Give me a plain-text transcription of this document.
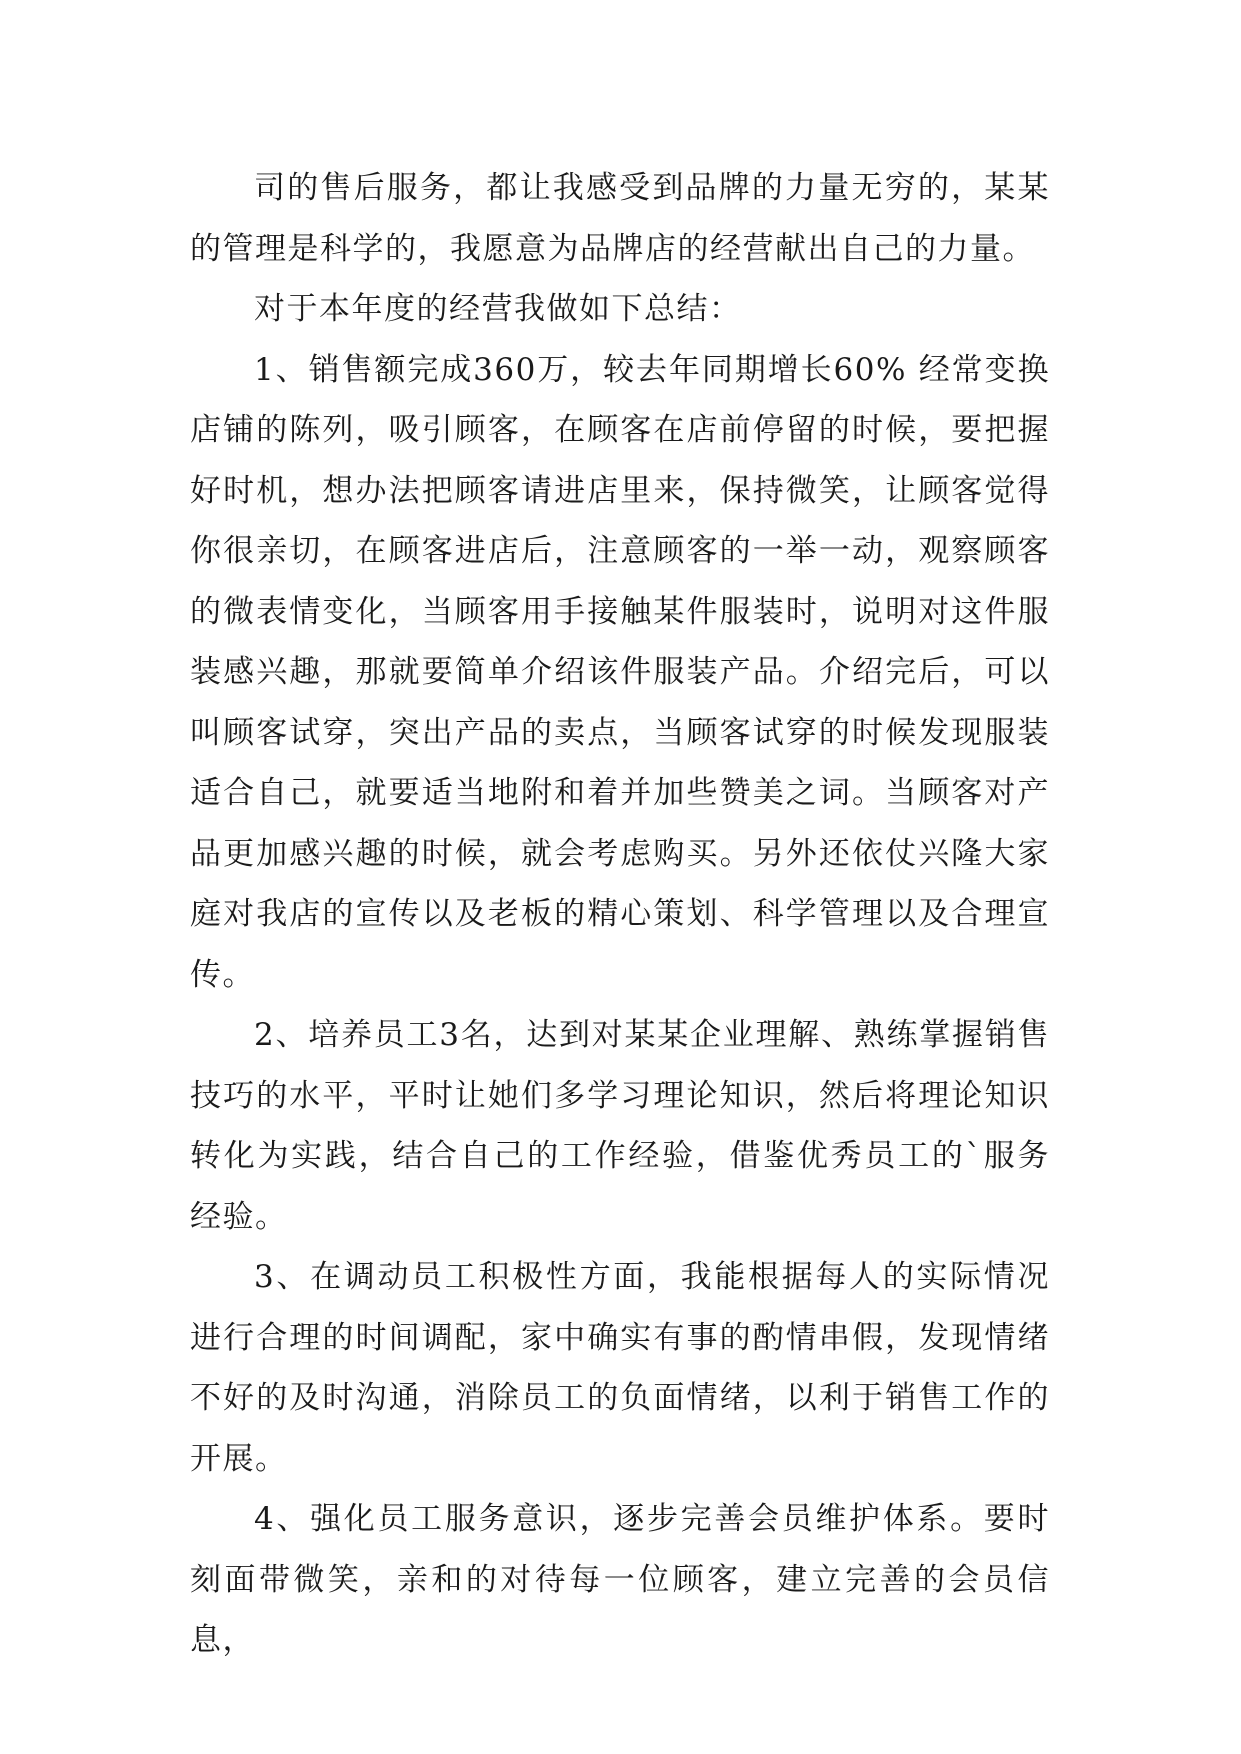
司的售后服务，都让我感受到品牌的力量无穷的，某某的管理是科学的，我愿意为品牌店的经营献出自己的力量。

对于本年度的经营我做如下总结：

1、销售额完成360万，较去年同期增长60% 经常变换店铺的陈列，吸引顾客，在顾客在店前停留的时候，要把握好时机，想办法把顾客请进店里来，保持微笑，让顾客觉得你很亲切，在顾客进店后，注意顾客的一举一动，观察顾客的微表情变化，当顾客用手接触某件服装时，说明对这件服装感兴趣，那就要简单介绍该件服装产品。介绍完后，可以叫顾客试穿，突出产品的卖点，当顾客试穿的时候发现服装适合自己，就要适当地附和着并加些赞美之词。当顾客对产品更加感兴趣的时候，就会考虑购买。另外还依仗兴隆大家庭对我店的宣传以及老板的精心策划、科学管理以及合理宣传。

2、培养员工3名，达到对某某企业理解、熟练掌握销售技巧的水平，平时让她们多学习理论知识，然后将理论知识转化为实践，结合自己的工作经验，借鉴优秀员工的`服务经验。

3、在调动员工积极性方面，我能根据每人的实际情况进行合理的时间调配，家中确实有事的酌情串假，发现情绪不好的及时沟通，消除员工的负面情绪，以利于销售工作的开展。

4、强化员工服务意识，逐步完善会员维护体系。要时刻面带微笑，亲和的对待每一位顾客，建立完善的会员信息，
